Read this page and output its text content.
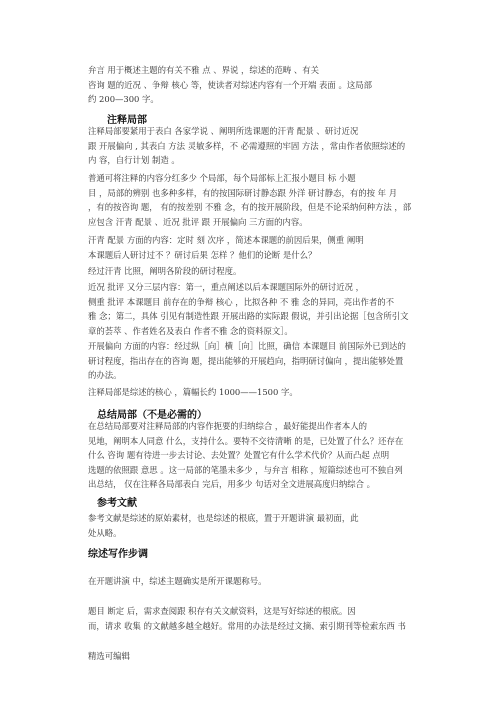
弁言 用于概述主题的有关不雅 点 、界说 ，综述的范畴 、有关
咨询 题的近况 、争辩 核心 等，使读者对综述内容有一个开端 表面 。这局部
约 200—300 字。

注释局部

注释局部要紧用于表白 各家学说 、阐明所选课题的汗青 配景 、研讨近况
跟 开展偏向 , 其表白 方法 灵敏多样，不 必需遵照的牢固 方法 ，常由作者依照综述的
内 容，自行计划 制造 。

普通可将注释的内容分红多少 个局部，每个局部标上汇报小题目 标 小题
目 ，局部的辨别 也多种多样，有的按国际研讨静态跟 外洋 研讨静态，有的按 年 月
，有的按咨询 题， 有的按差别 不雅 念，有的按开展阶段，但是不论采纳何种方法 ，部
应包含 汗青 配景 、近况 批评 跟 开展偏向 三方面的内容。

汗青 配景 方面的内容：定时 刻 次序 ，简述本课题的前因后果，侧重 阐明
本课题后人研讨过不 ？研讨后果 怎样 ？他们的论断 是什么？

经过汗青 比照，阐明各阶段的研讨程度。

近况 批评 又分三层内容：第一，重点阐述以后本课题国际外的研讨近况 ，
侧重 批评 本课题目 前存在的争辩 核心 ，比拟各种 不 雅 念的异同，亮出作者的不
雅 念；第二，具体 引见有制造性跟 开展出路的实际跟 假说，并引出论据［包含所引文
章的荟萃 、作者姓名及表白 作者不雅 念的资料原文］。

开展偏向 方面的内容：经过纵［向］横［向］比照，确信 本课题目 前国际外已到达的
研讨程度，指出存在的咨询 题，提出能够的开展趋向，指明研讨偏向 ，提出能够处置
的办法。

注释局部是综述的核心 ，篇幅长约 1000——1500 字。

总结局部（不是必需的）

在总结局部要对注释局部的内容作扼要的归纳综合 ，最好能提出作者本人的
见地，阐明本人同意 什么，支持什么。要特不交待清晰 的是，已处置了什么？还存在
什么 咨询 题有待进一步去讨论、去处置？处置它有什么学术代价？从而凸起 点明
选题的依照跟 意思 。这一局部的笔墨未多少 ，与弁言 相称 ，短篇综述也可不独自列
出总结， 仅在注释各局部表白 完后，用多少 句话对全文进展高度归纳综合 。

参考文献

参考文献是综述的原始素材，也是综述的根底，置于开题讲演 最初面，此
处从略。

综述写作步调

在开题讲演 中，综述主题确实是所开课题称号。

题目 断定 后，需求查阅跟 积存有关文献资料，这是写好综述的根底。因
而，请求 收集 的文献越多越全越好。常用的办法是经过文摘、索引期刊等检索东西 书

精选可编辑
